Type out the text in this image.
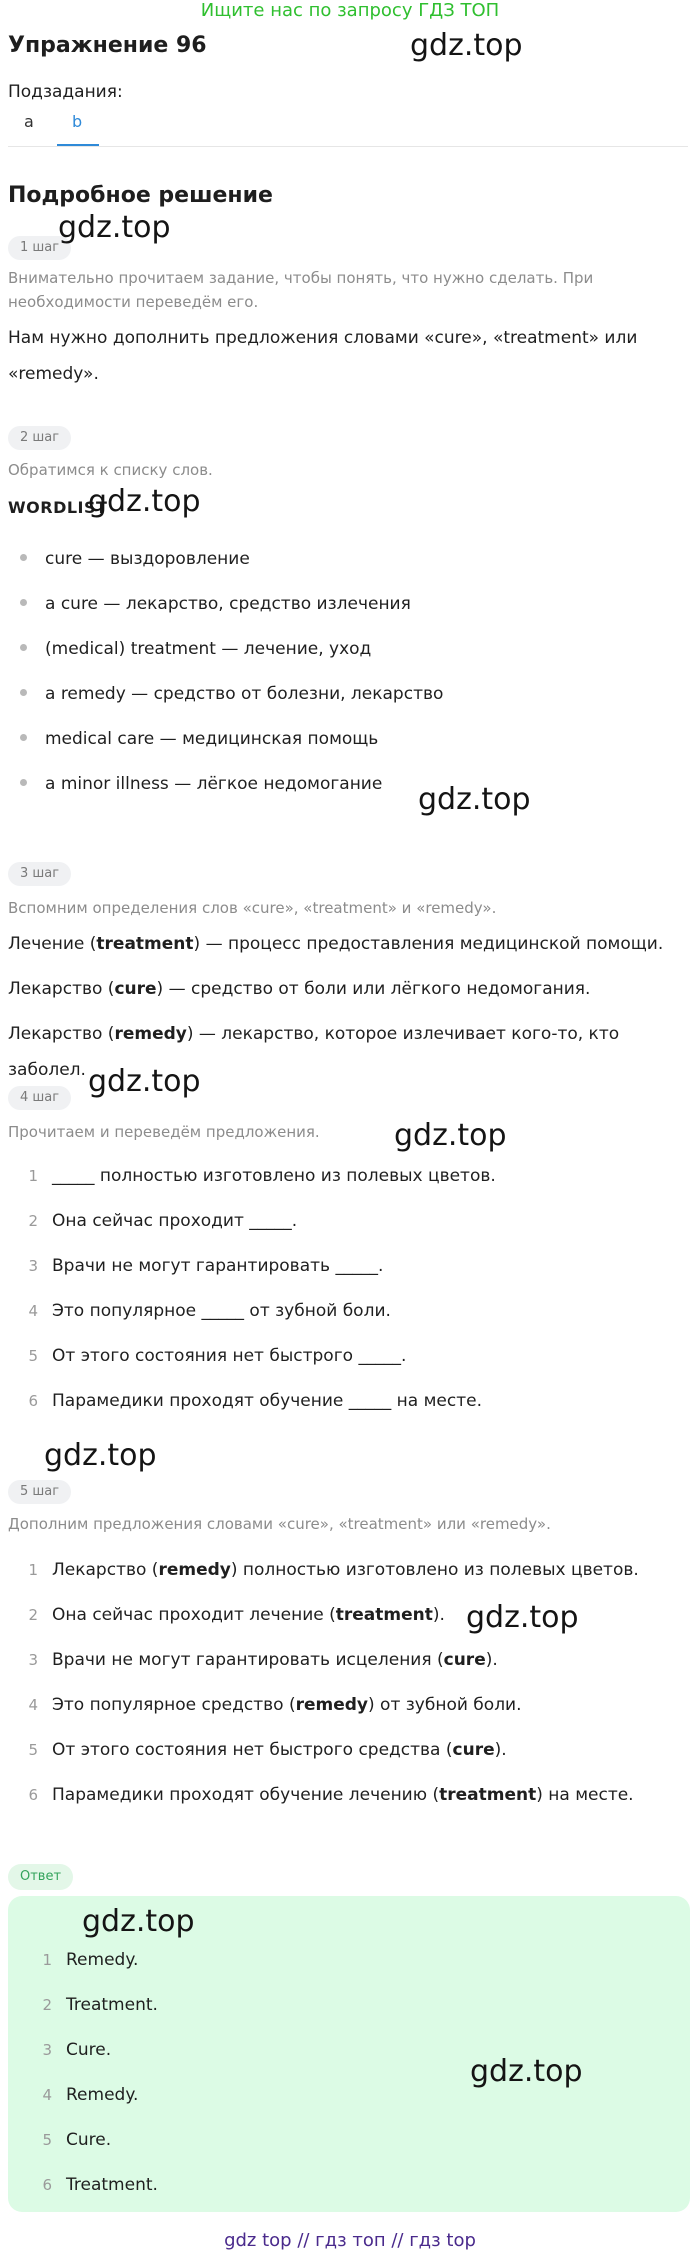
Ищите нас по запросу ГДЗ ТОП
Упражнение 96	gdz.top
Подзадания:
a b
Подробное решение
1 шаг
gdz.top
Внимательно прочитаем задание, чтобы понять, что нужно сделать. При необходимости переведём его.
Нам нужно дополнить предложения словами «cure», «treatment» или «remedy».
2 шаг
Обратимся к списку слов.
WORDLIST
gdz.top
cure — выздоровление
a cure — лекарство, средство излечения
(medical) treatment — лечение, уход
a remedy — средство от болезни, лекарство
medical care — медицинская помощь
a minor illness — лёгкое недомогание gdz.top
3 шаг
Вспомним определения слов «cure», «treatment» и «remedy».
Лечение (treatment) — процесс предоставления медицинской помощи.
Лекарство (cure) — средство от боли или лёгкого недомогания.
Лекарство (remedy) — лекарство, которое излечивает кого-то, кто заболел. gdz.top
4 шаг
Прочитаем и переведём предложения.	gdz.top
1 _____ полностью изготовлено из полевых цветов.
2 Она сейчас проходит _____.
3 Врачи не могут гарантировать _____.
4 Это популярное _____ от зубной боли.
5 От этого состояния нет быстрого _____.
6 Парамедики проходят обучение _____ на месте.
gdz.top
5 шаг
Дополним предложения словами «cure», «treatment» или «remedy».
1 Лекарство (remedy) полностью изготовлено из полевых цветов.
2 Она сейчас проходит лечение (treatment). gdz.top
3 Врачи не могут гарантировать исцеления (cure).
4 Это популярное средство (remedy) от зубной боли.
5 От этого состояния нет быстрого средства (cure).
6 Парамедики проходят обучение лечению (treatment) на месте.
Ответ
gdz.top
1 Remedy.
2 Treatment.
3 Cure.
gdz.top
4 Remedy.
5 Cure.
6 Treatment.
gdz top // гдз топ // гдз top
